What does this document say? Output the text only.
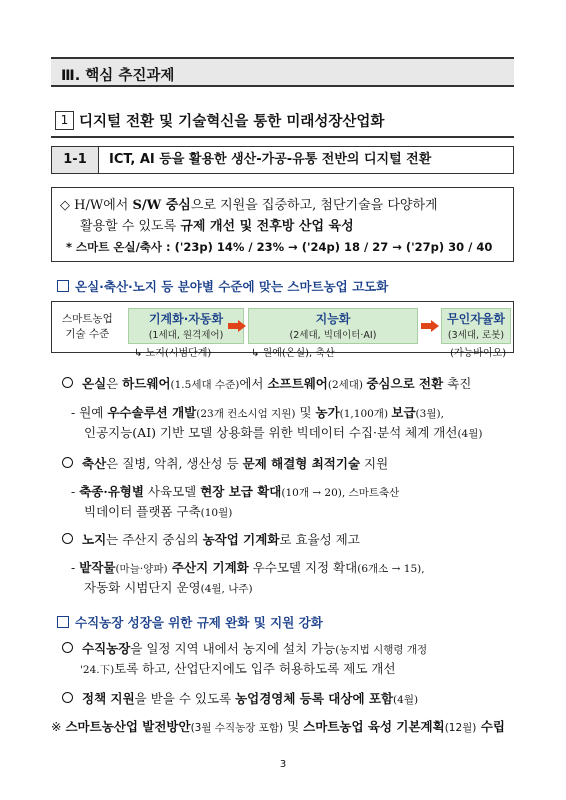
Ⅲ. 핵심 추진과제
1 디지털 전환 및 기술혁신을 통한 미래성장산업화
1-1	ICT, AI 등을 활용한 생산-가공-유통 전반의 디지털 전환
◇ H/W에서 S/W 중심으로 지원을 집중하고, 첨단기술을 다양하게
활용할 수 있도록 규제 개선 및 전후방 산업 육성
* 스마트 온실/축사 : ('23p) 14% / 23% → ('24p) 18 / 27 → ('27p) 30 / 40
온실·축산·노지 등 분야별 수준에 맞는 스마트농업 고도화
스마트농업
기술 수준
기계화·자동화
(1세대, 원격제어)
지능화
(2세대, 빅데이터·AI)
무인자율화
(3세대, 로봇)
↳ 노지(시범단계)	↳ 원예(온실), 축산	(가능바이오)
온실은 하드웨어(1.5세대 수준)에서 소프트웨어(2세대) 중심으로 전환 촉진
- 원예 우수솔루션 개발(23개 컨소시엄 지원) 및 농가(1,100개) 보급(3월),
인공지능(AI) 기반 모델 상용화를 위한 빅데이터 수집·분석 체계 개선(4월)
축산은 질병, 악취, 생산성 등 문제 해결형 최적기술 지원
- 축종·유형별 사육모델 현장 보급 확대(10개 → 20), 스마트축산
빅데이터 플랫폼 구축(10월)
노지는 주산지 중심의 농작업 기계화로 효율성 제고
- 밭작물(마늘·양파) 주산지 기계화 우수모델 지정 확대(6개소 → 15),
자동화 시범단지 운영(4월, 나주)
수직농장 성장을 위한 규제 완화 및 지원 강화
수직농장을 일정 지역 내에서 농지에 설치 가능(농지법 시행령 개정
'24.下)토록 하고, 산업단지에도 입주 허용하도록 제도 개선
정책 지원을 받을 수 있도록 농업경영체 등록 대상에 포함(4월)
※ 스마트농산업 발전방안(3월 수직농장 포함) 및 스마트농업 육성 기본계획(12월) 수립
3
